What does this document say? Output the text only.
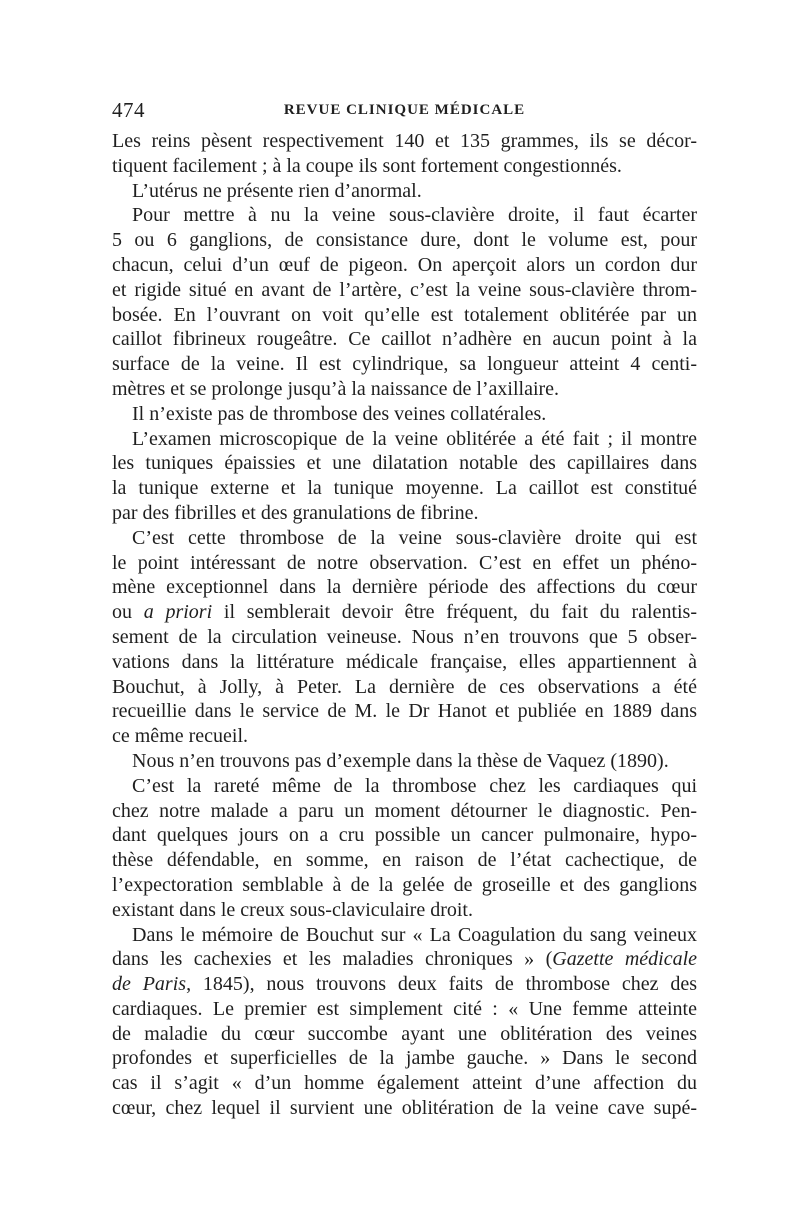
474	REVUE CLINIQUE MÉDICALE
Les reins pèsent respectivement 140 et 135 grammes, ils se décor-
tiquent facilement ; à la coupe ils sont fortement congestionnés.
L’utérus ne présente rien d’anormal.
Pour mettre à nu la veine sous-clavière droite, il faut écarter
5 ou 6 ganglions, de consistance dure, dont le volume est, pour
chacun, celui d’un œuf de pigeon. On aperçoit alors un cordon dur
et rigide situé en avant de l’artère, c’est la veine sous-clavière throm-
bosée. En l’ouvrant on voit qu’elle est totalement oblitérée par un
caillot fibrineux rougeâtre. Ce caillot n’adhère en aucun point à la
surface de la veine. Il est cylindrique, sa longueur atteint 4 centi-
mètres et se prolonge jusqu’à la naissance de l’axillaire.
Il n’existe pas de thrombose des veines collatérales.
L’examen microscopique de la veine oblitérée a été fait ; il montre
les tuniques épaissies et une dilatation notable des capillaires dans
la tunique externe et la tunique moyenne. La caillot est constitué
par des fibrilles et des granulations de fibrine.
C’est cette thrombose de la veine sous-clavière droite qui est
le point intéressant de notre observation. C’est en effet un phéno-
mène exceptionnel dans la dernière période des affections du cœur
ou a priori il semblerait devoir être fréquent, du fait du ralentis-
sement de la circulation veineuse. Nous n’en trouvons que 5 obser-
vations dans la littérature médicale française, elles appartiennent à
Bouchut, à Jolly, à Peter. La dernière de ces observations a été
recueillie dans le service de M. le Dr Hanot et publiée en 1889 dans
ce même recueil.
Nous n’en trouvons pas d’exemple dans la thèse de Vaquez (1890).
C’est la rareté même de la thrombose chez les cardiaques qui
chez notre malade a paru un moment détourner le diagnostic. Pen-
dant quelques jours on a cru possible un cancer pulmonaire, hypo-
thèse défendable, en somme, en raison de l’état cachectique, de
l’expectoration semblable à de la gelée de groseille et des ganglions
existant dans le creux sous-claviculaire droit.
Dans le mémoire de Bouchut sur « La Coagulation du sang veineux
dans les cachexies et les maladies chroniques » (Gazette médicale
de Paris, 1845), nous trouvons deux faits de thrombose chez des
cardiaques. Le premier est simplement cité : « Une femme atteinte
de maladie du cœur succombe ayant une oblitération des veines
profondes et superficielles de la jambe gauche. » Dans le second
cas il s’agit « d’un homme également atteint d’une affection du
cœur, chez lequel il survient une oblitération de la veine cave supé-
